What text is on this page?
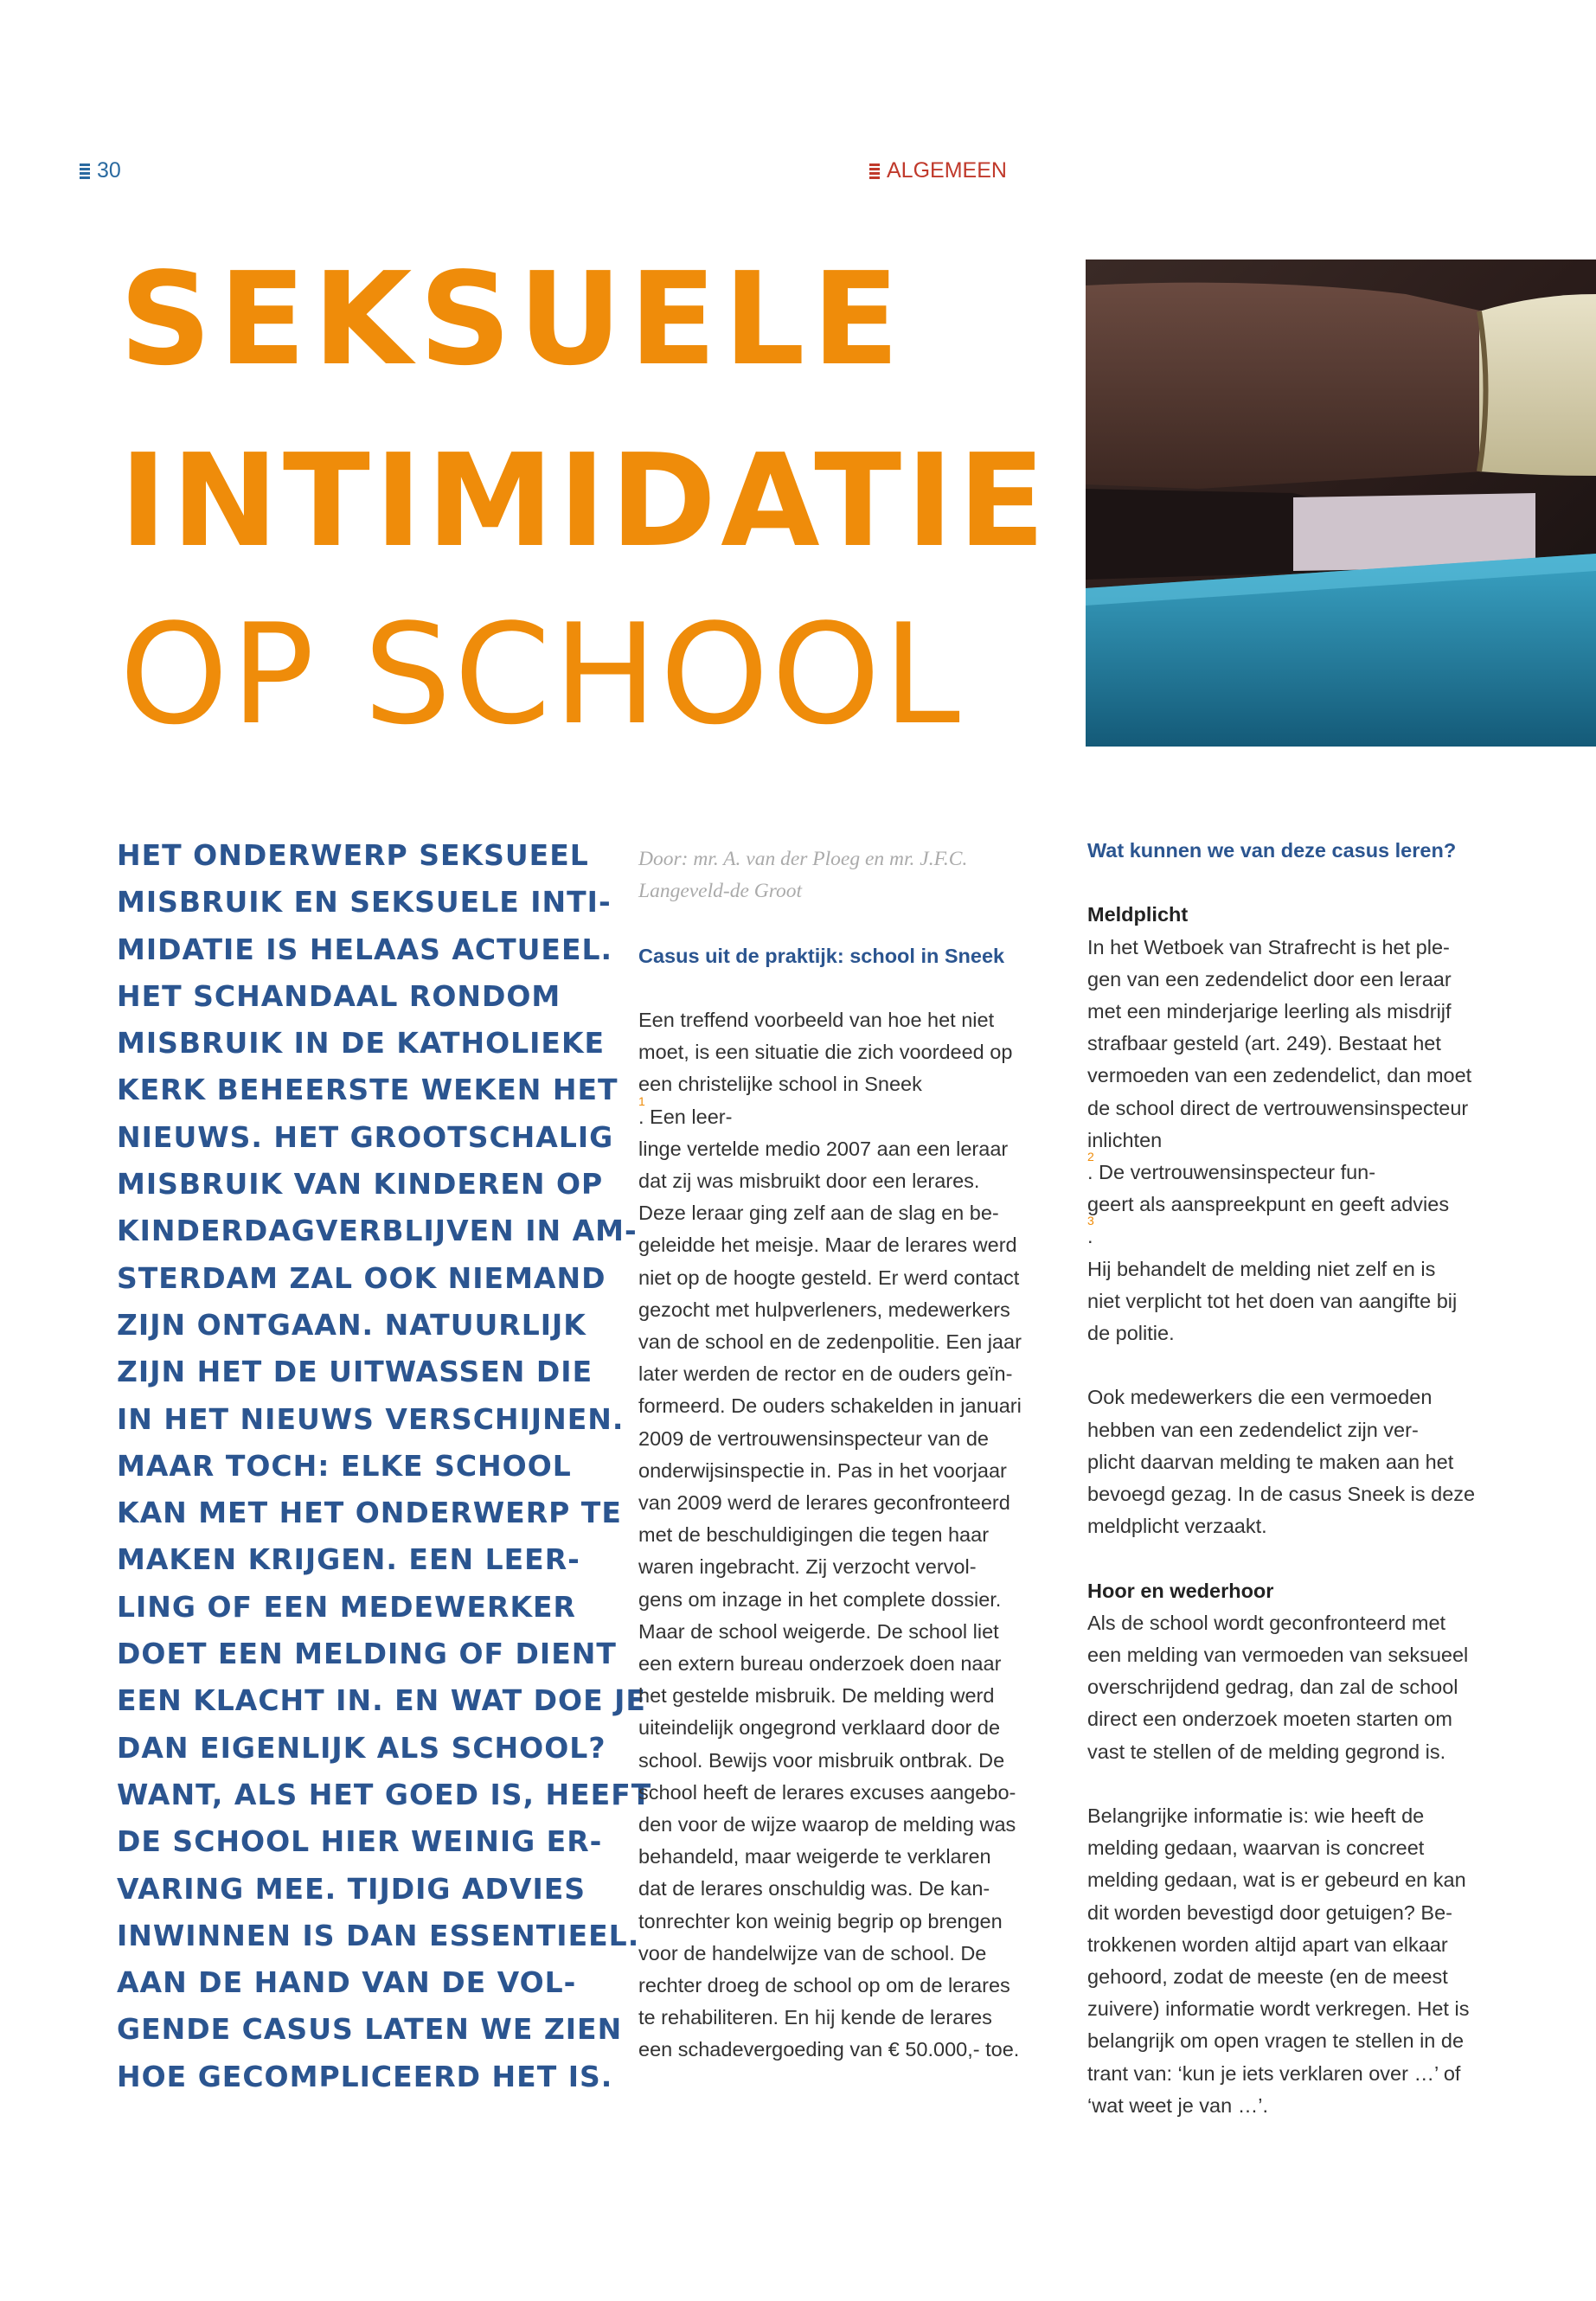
30	ALGEMEEN
SEKSUELE
INTIMIDATIE
OP SCHOOL
HET ONDERWERP SEKSUEEL
MISBRUIK EN SEKSUELE INTI-
MIDATIE IS HELAAS ACTUEEL.
HET SCHANDAAL RONDOM
MISBRUIK IN DE KATHOLIEKE
KERK BEHEERSTE WEKEN HET
NIEUWS. HET GROOTSCHALIG
MISBRUIK VAN KINDEREN OP
KINDERDAGVERBLIJVEN IN AM-
STERDAM ZAL OOK NIEMAND
ZIJN ONTGAAN. NATUURLIJK
ZIJN HET DE UITWASSEN DIE
IN HET NIEUWS VERSCHIJNEN.
MAAR TOCH: ELKE SCHOOL
KAN MET HET ONDERWERP TE
MAKEN KRIJGEN. EEN LEER-
LING OF EEN MEDEWERKER
DOET EEN MELDING OF DIENT
EEN KLACHT IN. EN WAT DOE JE
DAN EIGENLIJK ALS SCHOOL?
WANT, ALS HET GOED IS, HEEFT
DE SCHOOL HIER WEINIG ER-
VARING MEE. TIJDIG ADVIES
INWINNEN IS DAN ESSENTIEEL.
AAN DE HAND VAN DE VOL-
GENDE CASUS LATEN WE ZIEN
HOE GECOMPLICEERD HET IS.
Door: mr. A. van der Ploeg en mr. J.F.C.
Langeveld-de Groot
Casus uit de praktijk: school in Sneek
Een treffend voorbeeld van hoe het niet
moet, is een situatie die zich voordeed op
een christelijke school in Sneek
1
. Een leer-
linge vertelde medio 2007 aan een leraar
dat zij was misbruikt door een lerares.
Deze leraar ging zelf aan de slag en be-
geleidde het meisje. Maar de lerares werd
niet op de hoogte gesteld. Er werd contact
gezocht met hulpverleners, medewerkers
van de school en de zedenpolitie. Een jaar
later werden de rector en de ouders geïn-
formeerd. De ouders schakelden in januari
2009 de vertrouwensinspecteur van de
onderwijsinspectie in. Pas in het voorjaar
van 2009 werd de lerares geconfronteerd
met de beschuldigingen die tegen haar
waren ingebracht. Zij verzocht vervol-
gens om inzage in het complete dossier.
Maar de school weigerde. De school liet
een extern bureau onderzoek doen naar
het gestelde misbruik. De melding werd
uiteindelijk ongegrond verklaard door de
school. Bewijs voor misbruik ontbrak. De
school heeft de lerares excuses aangebo-
den voor de wijze waarop de melding was
behandeld, maar weigerde te verklaren
dat de lerares onschuldig was. De kan-
tonrechter kon weinig begrip op brengen
voor de handelwijze van de school. De
rechter droeg de school op om de lerares
te rehabiliteren. En hij kende de lerares
een schadevergoeding van € 50.000,- toe.
Wat kunnen we van deze casus leren?
Meldplicht
In het Wetboek van Strafrecht is het ple-
gen van een zedendelict door een leraar
met een minderjarige leerling als misdrijf
strafbaar gesteld (art. 249). Bestaat het
vermoeden van een zedendelict, dan moet
de school direct de vertrouwensinspecteur
inlichten
2
. De vertrouwensinspecteur fun-
geert als aanspreekpunt en geeft advies
3
.
Hij behandelt de melding niet zelf en is
niet verplicht tot het doen van aangifte bij
de politie.
Ook medewerkers die een vermoeden
hebben van een zedendelict zijn ver-
plicht daarvan melding te maken aan het
bevoegd gezag. In de casus Sneek is deze
meldplicht verzaakt.
Hoor en wederhoor
Als de school wordt geconfronteerd met
een melding van vermoeden van seksueel
overschrijdend gedrag, dan zal de school
direct een onderzoek moeten starten om
vast te stellen of de melding gegrond is.
Belangrijke informatie is: wie heeft de
melding gedaan, waarvan is concreet
melding gedaan, wat is er gebeurd en kan
dit worden bevestigd door getuigen? Be-
trokkenen worden altijd apart van elkaar
gehoord, zodat de meeste (en de meest
zuivere) informatie wordt verkregen. Het is
belangrijk om open vragen te stellen in de
trant van: ‘kun je iets verklaren over …’ of
‘wat weet je van …’.
